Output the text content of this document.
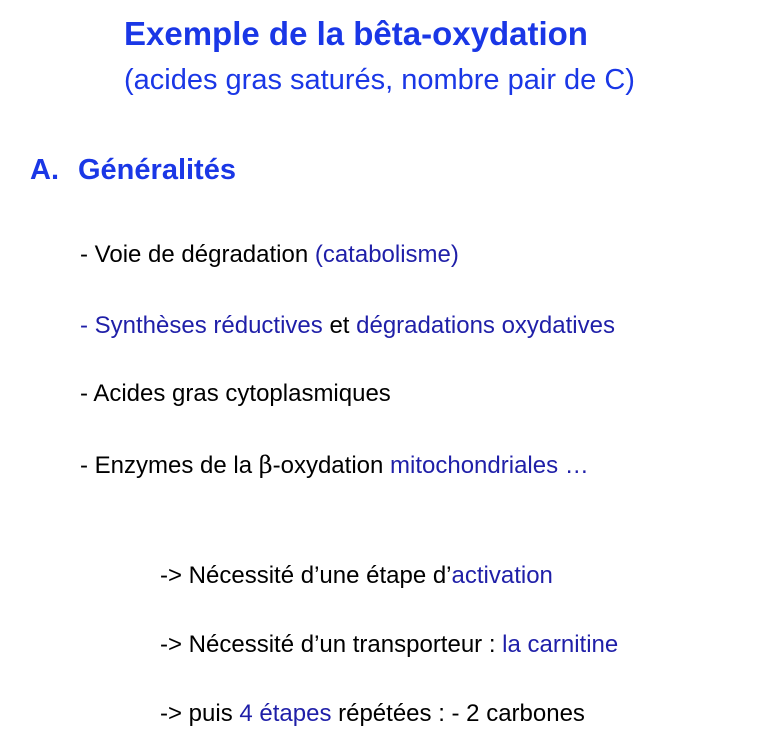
Exemple de la bêta-oxydation
(acides gras saturés, nombre pair de C)
A. Généralités
- Voie de dégradation (catabolisme)
- Synthèses réductives et dégradations oxydatives
- Acides gras cytoplasmiques
- Enzymes de la β-oxydation mitochondriales …
-> Nécessité d’une étape d’activation
-> Nécessité d’un transporteur : la carnitine
-> puis 4 étapes répétées : - 2 carbones
